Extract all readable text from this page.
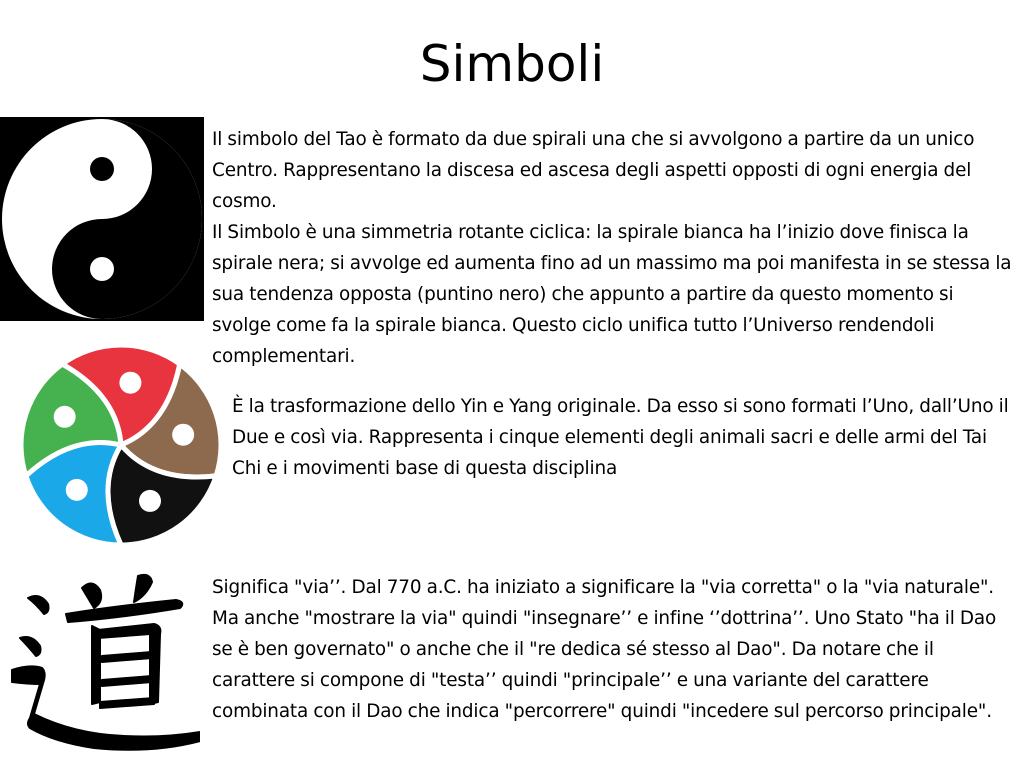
Simboli

Il simbolo del Tao è formato da due spirali una che si avvolgono a partire da un unico Centro. Rappresentano la discesa ed ascesa degli aspetti opposti di ogni energia del cosmo.

Il Simbolo è una simmetria rotante ciclica: la spirale bianca ha l’inizio dove finisca la spirale nera; si avvolge ed aumenta fino ad un massimo ma poi manifesta in se stessa la sua tendenza opposta (puntino nero) che appunto a partire da questo momento si svolge come fa la spirale bianca. Questo ciclo unifica tutto l’Universo rendendoli complementari.

È la trasformazione dello Yin e Yang originale. Da esso si sono formati l’Uno, dall’Uno il Due e così via. Rappresenta i cinque elementi degli animali sacri e delle armi del Tai Chi e i movimenti base di questa disciplina

Significa "via’’. Dal 770 a.C. ha iniziato a significare la "via corretta" o la "via naturale". Ma anche "mostrare la via" quindi "insegnare’’ e infine ‘’dottrina’’. Uno Stato "ha il Dao se è ben governato" o anche che il "re dedica sé stesso al Dao". Da notare che il carattere si compone di "testa’’ quindi "principale’’ e una variante del carattere combinata con il Dao che indica "percorrere" quindi "incedere sul percorso principale".
